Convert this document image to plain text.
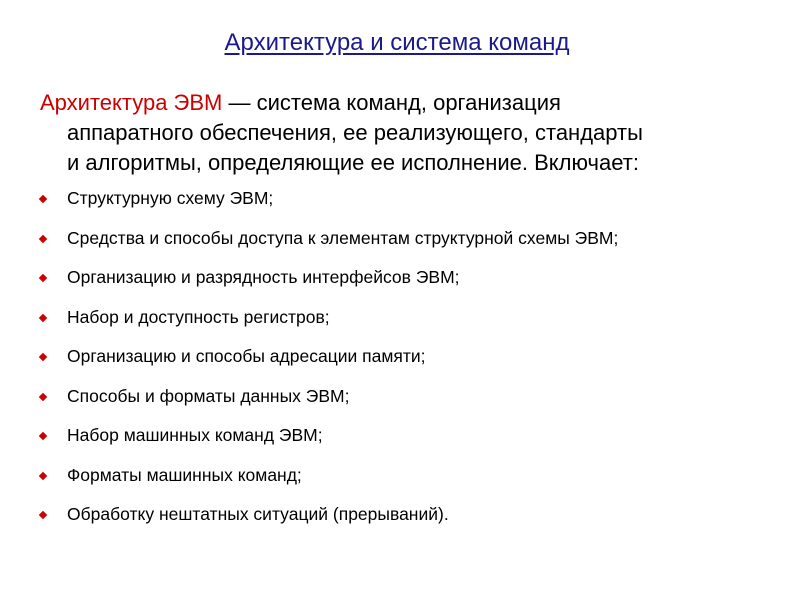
Архитектура и система команд
Архитектура ЭВМ — система команд, организация
аппаратного обеспечения, ее реализующего, стандарты
и алгоритмы, определяющие ее исполнение. Включает:
Структурную схему ЭВМ;
Средства и способы доступа к элементам структурной схемы ЭВМ;
Организацию и разрядность интерфейсов ЭВМ;
Набор и доступность регистров;
Организацию и способы адресации памяти;
Способы и форматы данных ЭВМ;
Набор машинных команд ЭВМ;
Форматы машинных команд;
Обработку нештатных ситуаций (прерываний).
